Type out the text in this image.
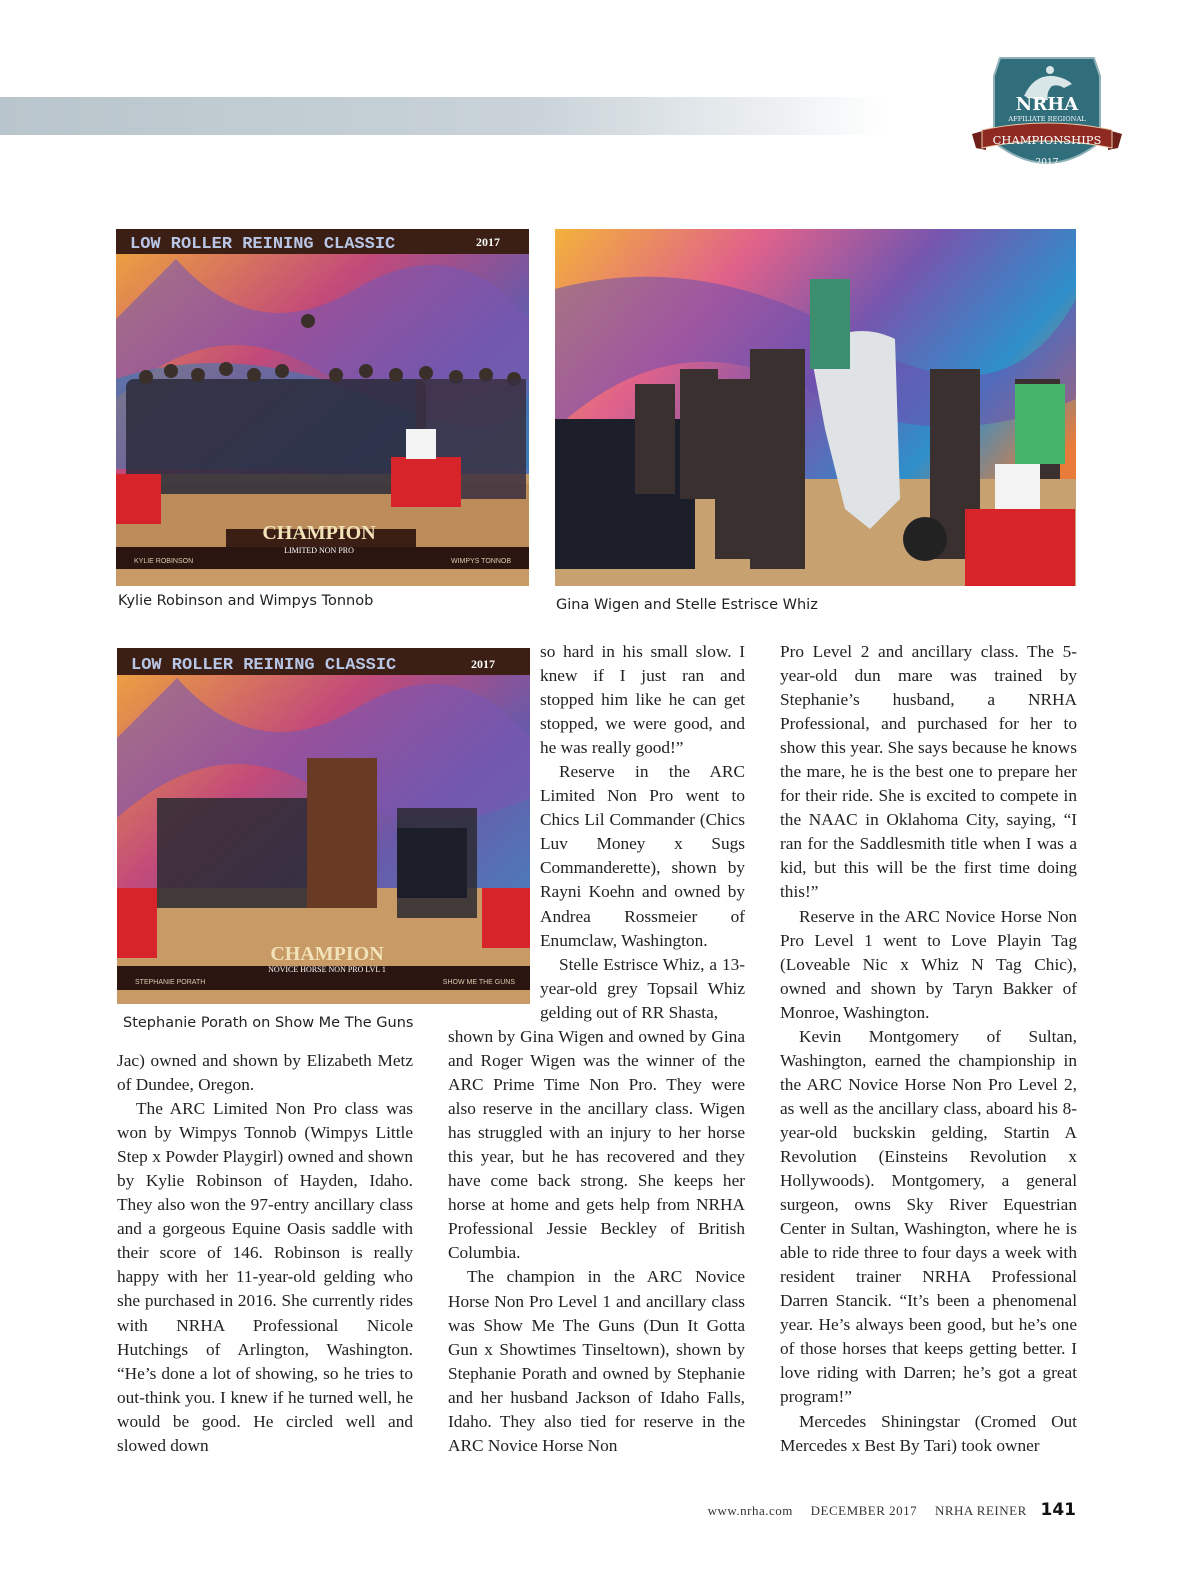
NRHA
AFFILIATE REGIONAL
CHAMPIONSHIPS
2017
LOW ROLLER REINING CLASSIC	2017
CHAMPION
LIMITED NON PRO
KYLIE ROBINSON	WIMPYS TONNOB
Kylie Robinson and Wimpys Tonnob	Gina Wigen and Stelle Estrisce Whiz
LOW ROLLER REINING CLASSIC	2017
CHAMPION
NOVICE HORSE NON PRO LVL 1
STEPHANIE PORATH	SHOW ME THE GUNS
Stephanie Porath on Show Me The Guns

Jac) owned and shown by Elizabeth Metz of Dundee, Oregon.

The ARC Limited Non Pro class was won by Wimpys Tonnob (Wimpys Little Step x Powder Playgirl) owned and shown by Kylie Robinson of Hayden, Idaho. They also won the 97-entry ancillary class and a gorgeous Equine Oasis saddle with their score of 146. Robinson is really happy with her 11-year-old gelding who she purchased in 2016. She currently rides with NRHA Professional Nicole Hutchings of Arlington, Washington. “He’s done a lot of showing, so he tries to out-think you. I knew if he turned well, he would be good. He circled well and slowed down

so hard in his small slow. I knew if I just ran and stopped him like he can get stopped, we were good, and he was really good!”

Reserve in the ARC Limited Non Pro went to Chics Lil Commander (Chics Luv Money x Sugs Commanderette), shown by Rayni Koehn and owned by Andrea Rossmeier of Enumclaw, Washington.

Stelle Estrisce Whiz, a 13-year-old grey Topsail Whiz gelding out of RR Shasta,

shown by Gina Wigen and owned by Gina and Roger Wigen was the winner of the ARC Prime Time Non Pro. They were also reserve in the ancillary class. Wigen has struggled with an injury to her horse this year, but he has recovered and they have come back strong. She keeps her horse at home and gets help from NRHA Professional Jessie Beckley of British Columbia.

The champion in the ARC Novice Horse Non Pro Level 1 and ancillary class was Show Me The Guns (Dun It Gotta Gun x Showtimes Tinseltown), shown by Stephanie Porath and owned by Stephanie and her husband Jackson of Idaho Falls, Idaho. They also tied for reserve in the ARC Novice Horse Non

Pro Level 2 and ancillary class. The 5-year-old dun mare was trained by Stephanie’s husband, a NRHA Professional, and purchased for her to show this year. She says because he knows the mare, he is the best one to prepare her for their ride. She is excited to compete in the NAAC in Oklahoma City, saying, “I ran for the Saddlesmith title when I was a kid, but this will be the first time doing this!”

Reserve in the ARC Novice Horse Non Pro Level 1 went to Love Playin Tag (Loveable Nic x Whiz N Tag Chic), owned and shown by Taryn Bakker of Monroe, Washington.

Kevin Montgomery of Sultan, Washington, earned the championship in the ARC Novice Horse Non Pro Level 2, as well as the ancillary class, aboard his 8-year-old buckskin gelding, Startin A Revolution (Einsteins Revolution x Hollywoods). Montgomery, a general surgeon, owns Sky River Equestrian Center in Sultan, Washington, where he is able to ride three to four days a week with resident trainer NRHA Professional Darren Stancik. “It’s been a phenomenal year. He’s always been good, but he’s one of those horses that keeps getting better. I love riding with Darren; he’s got a great program!”

Mercedes Shiningstar (Cromed Out Mercedes x Best By Tari) took owner

www.nrha.com DECEMBER 2017 NRHA REINER 141
